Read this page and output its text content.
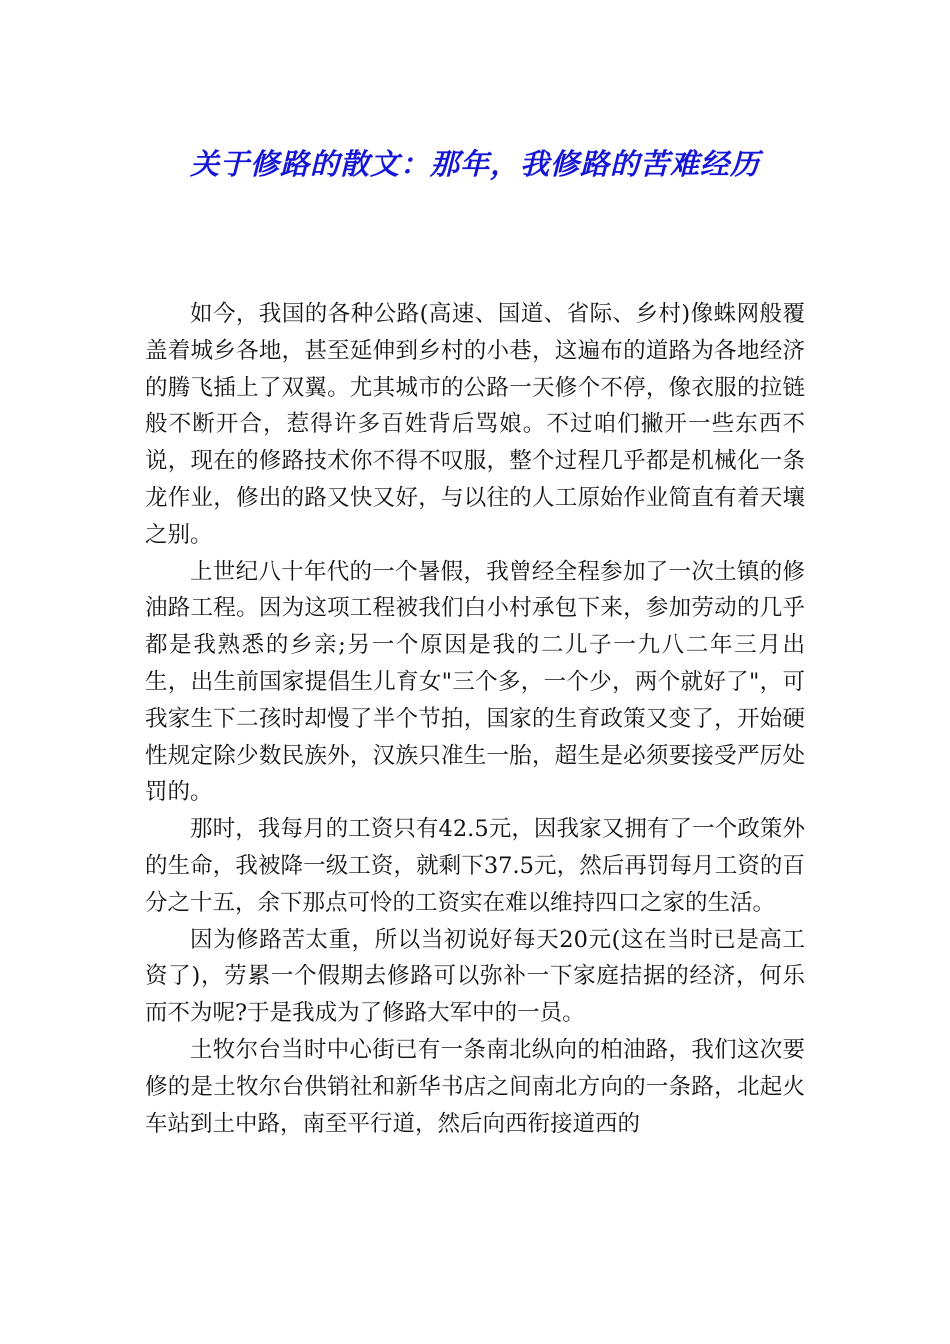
关于修路的散文：那年，我修路的苦难经历

如今，我国的各种公路(高速、国道、省际、乡村)像蛛网般覆盖着城乡各地，甚至延伸到乡村的小巷，这遍布的道路为各地经济的腾飞插上了双翼。尤其城市的公路一天修个不停，像衣服的拉链般不断开合，惹得许多百姓背后骂娘。不过咱们撇开一些东西不说，现在的修路技术你不得不叹服，整个过程几乎都是机械化一条龙作业，修出的路又快又好，与以往的人工原始作业简直有着天壤之别。

上世纪八十年代的一个暑假，我曾经全程参加了一次土镇的修油路工程。因为这项工程被我们白小村承包下来，参加劳动的几乎都是我熟悉的乡亲;另一个原因是我的二儿子一九八二年三月出生，出生前国家提倡生儿育女"三个多，一个少，两个就好了"，可我家生下二孩时却慢了半个节拍，国家的生育政策又变了，开始硬性规定除少数民族外，汉族只准生一胎，超生是必须要接受严厉处罚的。

那时，我每月的工资只有42.5元，因我家又拥有了一个政策外的生命，我被降一级工资，就剩下37.5元，然后再罚每月工资的百分之十五，余下那点可怜的工资实在难以维持四口之家的生活。

因为修路苦太重，所以当初说好每天20元(这在当时已是高工资了)，劳累一个假期去修路可以弥补一下家庭拮据的经济，何乐而不为呢?于是我成为了修路大军中的一员。

土牧尔台当时中心街已有一条南北纵向的柏油路，我们这次要修的是土牧尔台供销社和新华书店之间南北方向的一条路，北起火车站到土中路，南至平行道，然后向西衔接道西的
